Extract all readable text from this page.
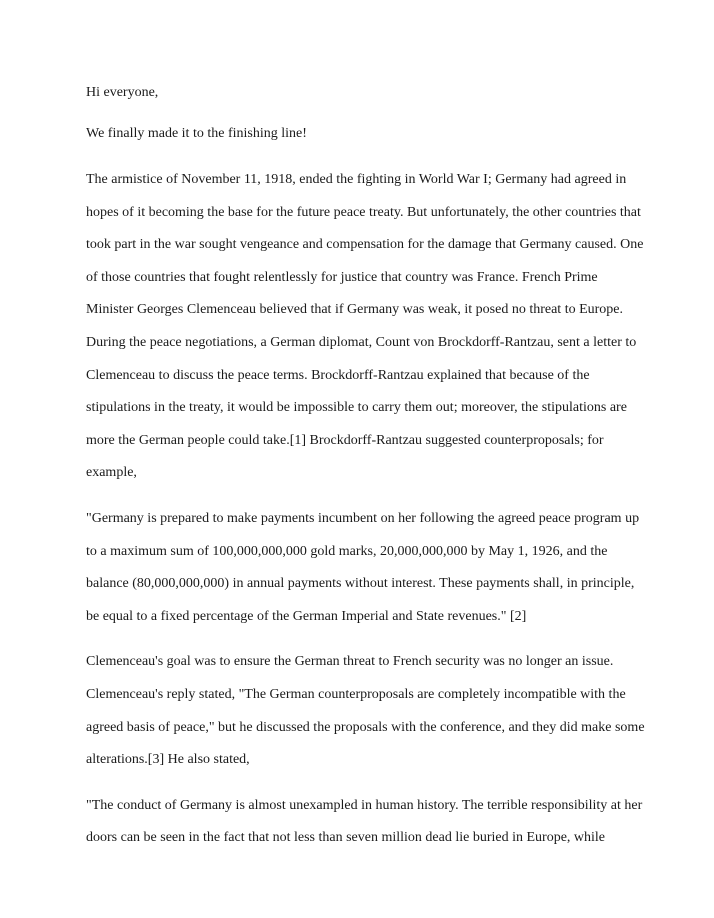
Hi everyone,

We finally made it to the finishing line!

The armistice of November 11, 1918, ended the fighting in World War I; Germany had agreed in hopes of it becoming the base for the future peace treaty. But unfortunately, the other countries that took part in the war sought vengeance and compensation for the damage that Germany caused. One of those countries that fought relentlessly for justice that country was France. French Prime Minister Georges Clemenceau believed that if Germany was weak, it posed no threat to Europe. During the peace negotiations, a German diplomat, Count von Brockdorff-Rantzau, sent a letter to Clemenceau to discuss the peace terms. Brockdorff-Rantzau explained that because of the stipulations in the treaty, it would be impossible to carry them out; moreover, the stipulations are more the German people could take.[1] Brockdorff-Rantzau suggested counterproposals; for example,

"Germany is prepared to make payments incumbent on her following the agreed peace program up to a maximum sum of 100,000,000,000 gold marks, 20,000,000,000 by May 1, 1926, and the balance (80,000,000,000) in annual payments without interest. These payments shall, in principle, be equal to a fixed percentage of the German Imperial and State revenues." [2]

Clemenceau's goal was to ensure the German threat to French security was no longer an issue. Clemenceau's reply stated, "The German counterproposals are completely incompatible with the agreed basis of peace," but he discussed the proposals with the conference, and they did make some alterations.[3] He also stated,

"The conduct of Germany is almost unexampled in human history. The terrible responsibility at her doors can be seen in the fact that not less than seven million dead lie buried in Europe, while
